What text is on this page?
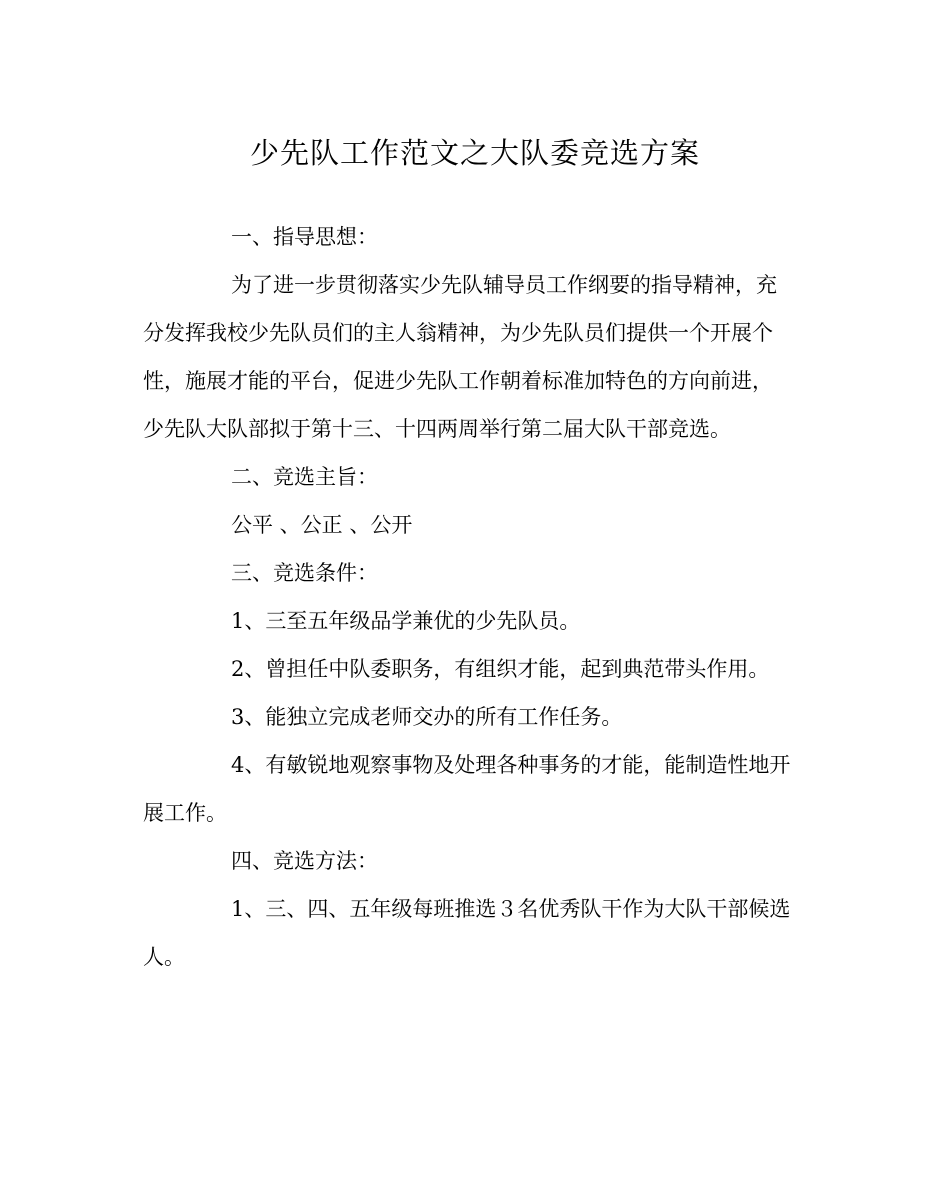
少先队工作范文之大队委竞选方案
一、指导思想：
为了进一步贯彻落实少先队辅导员工作纲要的指导精神，充
分发挥我校少先队员们的主人翁精神，为少先队员们提供一个开展个
性，施展才能的平台，促进少先队工作朝着标准加特色的方向前进，
少先队大队部拟于第十三、十四两周举行第二届大队干部竞选。
二、竞选主旨：
公平 、公正 、公开
三、竞选条件：
1、三至五年级品学兼优的少先队员。
2、曾担任中队委职务，有组织才能，起到典范带头作用。
3、能独立完成老师交办的所有工作任务。
4、有敏锐地观察事物及处理各种事务的才能，能制造性地开
展工作。
四、竞选方法：
1、三、四、五年级每班推选３名优秀队干作为大队干部候选
人。
